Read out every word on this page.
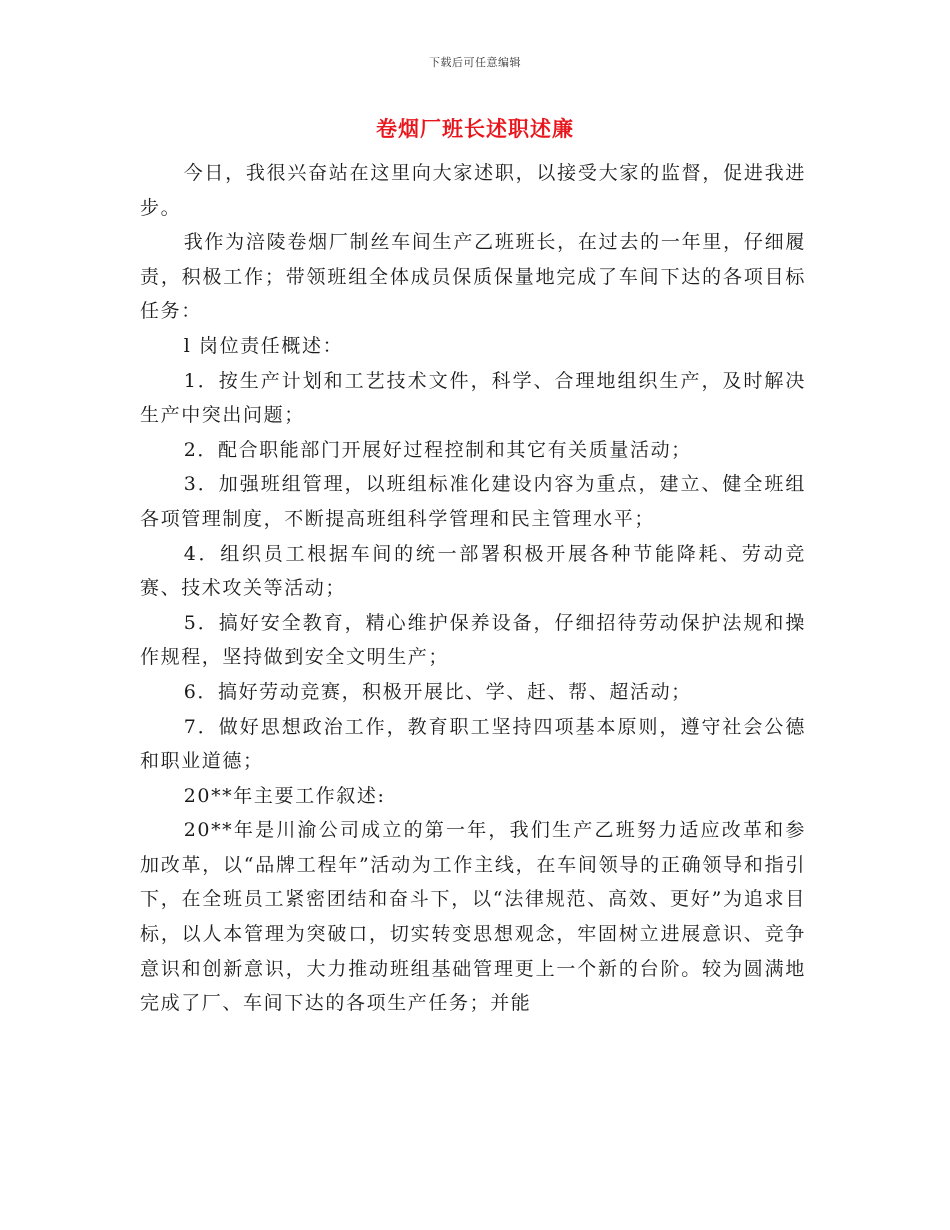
下载后可任意编辑
卷烟厂班长述职述廉

今日，我很兴奋站在这里向大家述职，以接受大家的监督，促进我进步。

我作为涪陵卷烟厂制丝车间生产乙班班长，在过去的一年里，仔细履责，积极工作；带领班组全体成员保质保量地完成了车间下达的各项目标任务：

l 岗位责任概述：

1．按生产计划和工艺技术文件，科学、合理地组织生产，及时解决生产中突出问题；

2．配合职能部门开展好过程控制和其它有关质量活动；

3．加强班组管理，以班组标准化建设内容为重点，建立、健全班组各项管理制度，不断提高班组科学管理和民主管理水平；

4．组织员工根据车间的统一部署积极开展各种节能降耗、劳动竞赛、技术攻关等活动；

5．搞好安全教育，精心维护保养设备，仔细招待劳动保护法规和操作规程，坚持做到安全文明生产；

6．搞好劳动竞赛，积极开展比、学、赶、帮、超活动；

7．做好思想政治工作，教育职工坚持四项基本原则，遵守社会公德和职业道德；

20**年主要工作叙述:

20**年是川渝公司成立的第一年，我们生产乙班努力适应改革和参加改革，以“品牌工程年”活动为工作主线，在车间领导的正确领导和指引下，在全班员工紧密团结和奋斗下，以“法律规范、高效、更好”为追求目标，以人本管理为突破口，切实转变思想观念，牢固树立进展意识、竞争意识和创新意识，大力推动班组基础管理更上一个新的台阶。较为圆满地完成了厂、车间下达的各项生产任务；并能
